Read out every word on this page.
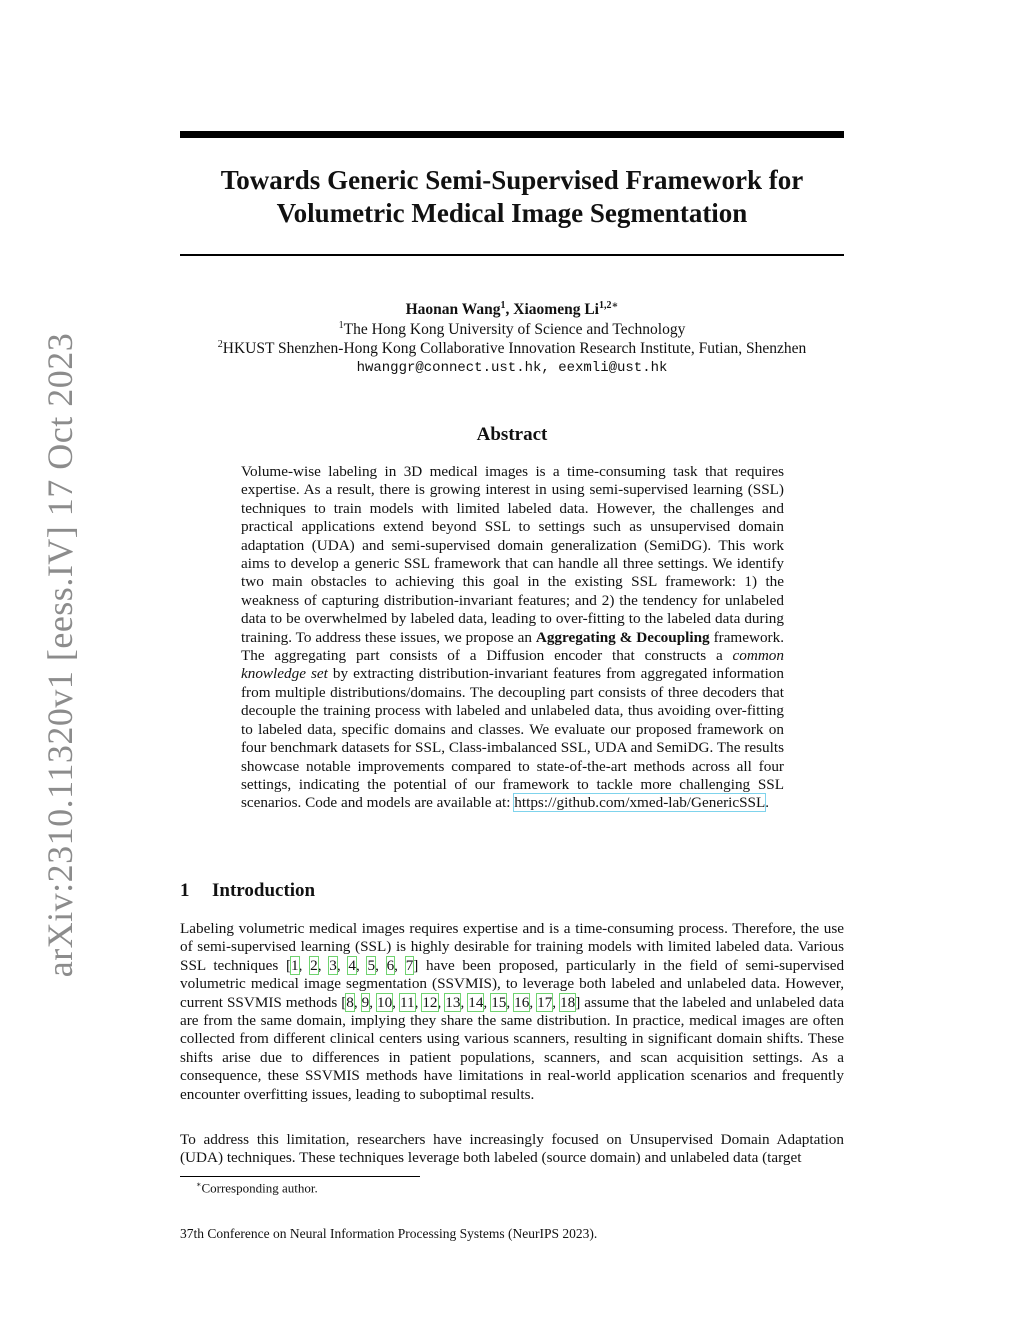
arXiv:2310.11320v1 [eess.IV] 17 Oct 2023
Towards Generic Semi-Supervised Framework for
Volumetric Medical Image Segmentation
Haonan Wang$^1$, Xiaomeng $Li^{1,2∗}$
$^1$The Hong Kong University of Science and Technology
$^2$HKUST Shenzhen-Hong Kong Collaborative Innovation Research Institute, Futian, Shenzhen
hwanggr@connect.ust.hk, eexmli@ust.hk
Abstract
Volume-wise labeling in 3D medical images is a time-consuming task that requires expertise. As a result, there is growing interest in using semi-supervised learning (SSL) techniques to train models with limited labeled data. However, the challenges and practical applications extend beyond SSL to settings such as unsupervised domain adaptation (UDA) and semi-supervised domain generalization (SemiDG). This work aims to develop a generic SSL framework that can handle all three settings. We identify two main obstacles to achieving this goal in the existing SSL framework: 1) the weakness of capturing distribution-invariant features; and 2) the tendency for unlabeled data to be overwhelmed by labeled data, leading to over-fitting to the labeled data during training. To address these issues, we propose an Aggregating & Decoupling framework. The aggregating part consists of a Diffusion encoder that constructs a common knowledge set by extracting distribution-invariant features from aggregated information from multiple distributions/domains. The decoupling part consists of three decoders that decouple the training process with labeled and unlabeled data, thus avoiding over-fitting to labeled data, specific domains and classes. We evaluate our proposed framework on four benchmark datasets for SSL, Class-imbalanced SSL, UDA and SemiDG. The results showcase notable improvements compared to state-of-the-art methods across all four settings, indicating the potential of our framework to tackle more challenging SSL scenarios. Code and models are available at: https://github.com/xmed-lab/GenericSSL.
1 Introduction
Labeling volumetric medical images requires expertise and is a time-consuming process. Therefore, the use of semi-supervised learning (SSL) is highly desirable for training models with limited labeled data. Various SSL techniques [1, 2, 3, 4, 5, 6, 7] have been proposed, particularly in the field of semi-supervised volumetric medical image segmentation (SSVMIS), to leverage both labeled and unlabeled data. However, current SSVMIS methods [8, 9, 10, 11, 12, 13, 14, 15, 16, 17, 18] assume that the labeled and unlabeled data are from the same domain, implying they share the same distribution. In practice, medical images are often collected from different clinical centers using various scanners, resulting in significant domain shifts. These shifts arise due to differences in patient populations, scanners, and scan acquisition settings. As a consequence, these SSVMIS methods have limitations in real-world application scenarios and frequently encounter overfitting issues, leading to suboptimal results.
To address this limitation, researchers have increasingly focused on Unsupervised Domain Adaptation (UDA) techniques. These techniques leverage both labeled (source domain) and unlabeled data (target
∗Corresponding author.
37th Conference on Neural Information Processing Systems (NeurIPS 2023).
